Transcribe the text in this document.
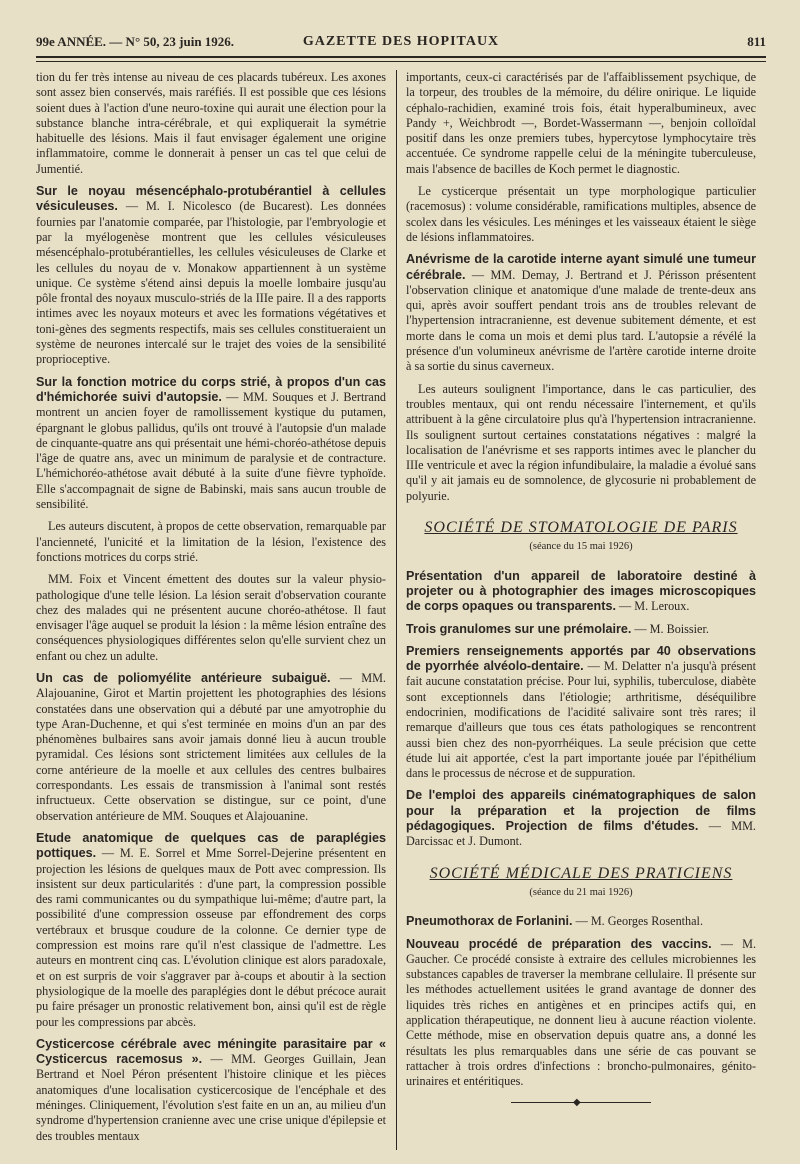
99e ANNÉE. — N° 50, 23 juin 1926.	GAZETTE DES HOPITAUX	811

tion du fer très intense au niveau de ces placards tubéreux. Les axones sont assez bien conservés, mais raréfiés. Il est possible que ces lésions soient dues à l'action d'une neuro-toxine qui aurait une élection pour la substance blanche intra-cérébrale, et qui expliquerait la symétrie habituelle des lésions. Mais il faut envisager également une origine inflammatoire, comme le donnerait à penser un cas tel que celui de Jumentié.

Sur le noyau mésencéphalo-protubérantiel à cellules vésiculeuses. — M. I. Nicolesco (de Bucarest). Les données fournies par l'anatomie comparée, par l'histologie, par l'embryologie et par la myélogenèse montrent que les cellules vésiculeuses mésencéphalo-protubérantielles, les cellules vésiculeuses de Clarke et les cellules du noyau de v. Monakow appartiennent à un système unique. Ce système s'étend ainsi depuis la moelle lombaire jusqu'au pôle frontal des noyaux musculo-striés de la IIIe paire. Il a des rapports intimes avec les noyaux moteurs et avec les formations végétatives et toni-gènes des segments respectifs, mais ses cellules constitueraient un système de neurones intercalé sur le trajet des voies de la sensibilité proprioceptive.

Sur la fonction motrice du corps strié, à propos d'un cas d'hémichorée suivi d'autopsie. — MM. Souques et J. Bertrand montrent un ancien foyer de ramollissement kystique du putamen, épargnant le globus pallidus, qu'ils ont trouvé à l'autopsie d'un malade de cinquante-quatre ans qui présentait une hémi-choréo-athétose depuis l'âge de quatre ans, avec un minimum de paralysie et de contracture. L'hémichoréo-athétose avait débuté à la suite d'une fièvre typhoïde. Elle s'accompagnait de signe de Babinski, mais sans aucun trouble de sensibilité.

Les auteurs discutent, à propos de cette observation, remarquable par l'ancienneté, l'unicité et la limitation de la lésion, l'existence des fonctions motrices du corps strié.

MM. Foix et Vincent émettent des doutes sur la valeur physio-pathologique d'une telle lésion. La lésion serait d'observation courante chez des malades qui ne présentent aucune choréo-athétose. Il faut envisager l'âge auquel se produit la lésion : la même lésion entraîne des conséquences physiologiques différentes selon qu'elle survient chez un enfant ou chez un adulte.

Un cas de poliomyélite antérieure subaiguë. — MM. Alajouanine, Girot et Martin projettent les photographies des lésions constatées dans une observation qui a débuté par une amyotrophie du type Aran-Duchenne, et qui s'est terminée en moins d'un an par des phénomènes bulbaires sans avoir jamais donné lieu à aucun trouble pyramidal. Ces lésions sont strictement limitées aux cellules de la corne antérieure de la moelle et aux cellules des centres bulbaires correspondants. Les essais de transmission à l'animal sont restés infructueux. Cette observation se distingue, sur ce point, d'une observation antérieure de MM. Souques et Alajouanine.

Etude anatomique de quelques cas de paraplégies pottiques. — M. E. Sorrel et Mme Sorrel-Dejerine présentent en projection les lésions de quelques maux de Pott avec compression. Ils insistent sur deux particularités : d'une part, la compression possible des rami communicantes ou du sympathique lui-même; d'autre part, la possibilité d'une compression osseuse par effondrement des corps vertébraux et brusque coudure de la colonne. Ce dernier type de compression est moins rare qu'il n'est classique de l'admettre. Les auteurs en montrent cinq cas. L'évolution clinique est alors paradoxale, et on est surpris de voir s'aggraver par à-coups et aboutir à la section physiologique de la moelle des paraplégies dont le début précoce aurait pu faire présager un pronostic relativement bon, ainsi qu'il est de règle pour les compressions par abcès.

Cysticercose cérébrale avec méningite parasitaire par « Cysticercus racemosus ». — MM. Georges Guillain, Jean Bertrand et Noel Péron présentent l'histoire clinique et les pièces anatomiques d'une localisation cysticercosique de l'encéphale et des méninges. Cliniquement, l'évolution s'est faite en un an, au milieu d'un syndrome d'hypertension cranienne avec une crise unique d'épilepsie et des troubles mentaux

importants, ceux-ci caractérisés par de l'affaiblissement psychique, de la torpeur, des troubles de la mémoire, du délire onirique. Le liquide céphalo-rachidien, examiné trois fois, était hyperalbumineux, avec Pandy +, Weichbrodt —, Bordet-Wassermann —, benjoin colloïdal positif dans les onze premiers tubes, hypercytose lymphocytaire très accentuée. Ce syndrome rappelle celui de la méningite tuberculeuse, mais l'absence de bacilles de Koch permet le diagnostic.

Le cysticerque présentait un type morphologique particulier (racemosus) : volume considérable, ramifications multiples, absence de scolex dans les vésicules. Les méninges et les vaisseaux étaient le siège de lésions inflammatoires.

Anévrisme de la carotide interne ayant simulé une tumeur cérébrale. — MM. Demay, J. Bertrand et J. Périsson présentent l'observation clinique et anatomique d'une malade de trente-deux ans qui, après avoir souffert pendant trois ans de troubles relevant de l'hypertension intracranienne, est devenue subitement démente, et est morte dans le coma un mois et demi plus tard. L'autopsie a révélé la présence d'un volumineux anévrisme de l'artère carotide interne droite à sa sortie du sinus caverneux.

Les auteurs soulignent l'importance, dans le cas particulier, des troubles mentaux, qui ont rendu nécessaire l'internement, et qu'ils attribuent à la gêne circulatoire plus qu'à l'hypertension intracranienne. Ils soulignent surtout certaines constatations négatives : malgré la localisation de l'anévrisme et ses rapports intimes avec le plancher du IIIe ventricule et avec la région infundibulaire, la maladie a évolué sans qu'il y ait jamais eu de somnolence, de glycosurie ni probablement de polyurie.

SOCIÉTÉ DE STOMATOLOGIE DE PARIS
(séance du 15 mai 1926)

Présentation d'un appareil de laboratoire destiné à projeter ou à photographier des images microscopiques de corps opaques ou transparents. — M. Leroux.

Trois granulomes sur une prémolaire. — M. Boissier.

Premiers renseignements apportés par 40 observations de pyorrhée alvéolo-dentaire. — M. Delatter n'a jusqu'à présent fait aucune constatation précise. Pour lui, syphilis, tuberculose, diabète sont exceptionnels dans l'étiologie; arthritisme, déséquilibre endocrinien, modifications de l'acidité salivaire sont très rares; il remarque d'ailleurs que tous ces états pathologiques se rencontrent aussi bien chez des non-pyorrhéiques. La seule précision que cette étude lui ait apportée, c'est la part importante jouée par l'épithélium dans le processus de nécrose et de suppuration.

De l'emploi des appareils cinématographiques de salon pour la préparation et la projection de films pédagogiques. Projection de films d'études. — MM. Darcissac et J. Dumont.

SOCIÉTÉ MÉDICALE DES PRATICIENS
(séance du 21 mai 1926)

Pneumothorax de Forlanini. — M. Georges Rosenthal.

Nouveau procédé de préparation des vaccins. — M. Gaucher. Ce procédé consiste à extraire des cellules microbiennes les substances capables de traverser la membrane cellulaire. Il présente sur les méthodes actuellement usitées le grand avantage de donner des liquides très riches en antigènes et en principes actifs qui, en application thérapeutique, ne donnent lieu à aucune réaction violente. Cette méthode, mise en observation depuis quatre ans, a donné les résultats les plus remarquables dans une série de cas pouvant se rattacher à trois ordres d'infections : broncho-pulmonaires, génito-urinaires et entéritiques.

◆
